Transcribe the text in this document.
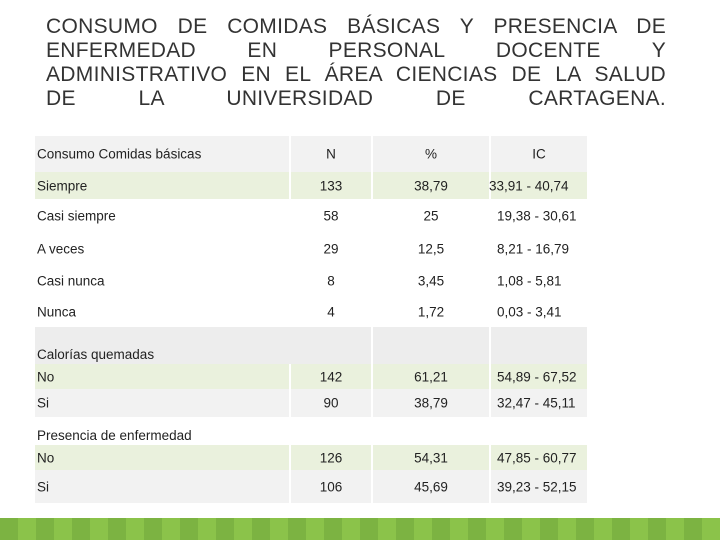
CONSUMO DE COMIDAS BÁSICAS Y PRESENCIA DE
ENFERMEDAD EN PERSONAL DOCENTE Y
ADMINISTRATIVO EN EL ÁREA CIENCIAS DE LA SALUD
DE LA UNIVERSIDAD DE CARTAGENA.
Consumo Comidas básicas	N	%	IC
Siempre	133	38,79	33,91 - 40,74
Casi siempre	58	25	19,38 - 30,61
A veces	29	12,5	8,21 - 16,79
Casi nunca	8	3,45	1,08 - 5,81
Nunca	4	1,72	0,03 - 3,41
Calorías quemadas
No	142	61,21	54,89 - 67,52
Si	90	38,79	32,47 - 45,11
Presencia de enfermedad
No	126	54,31	47,85 - 60,77
Si	106	45,69	39,23 - 52,15
